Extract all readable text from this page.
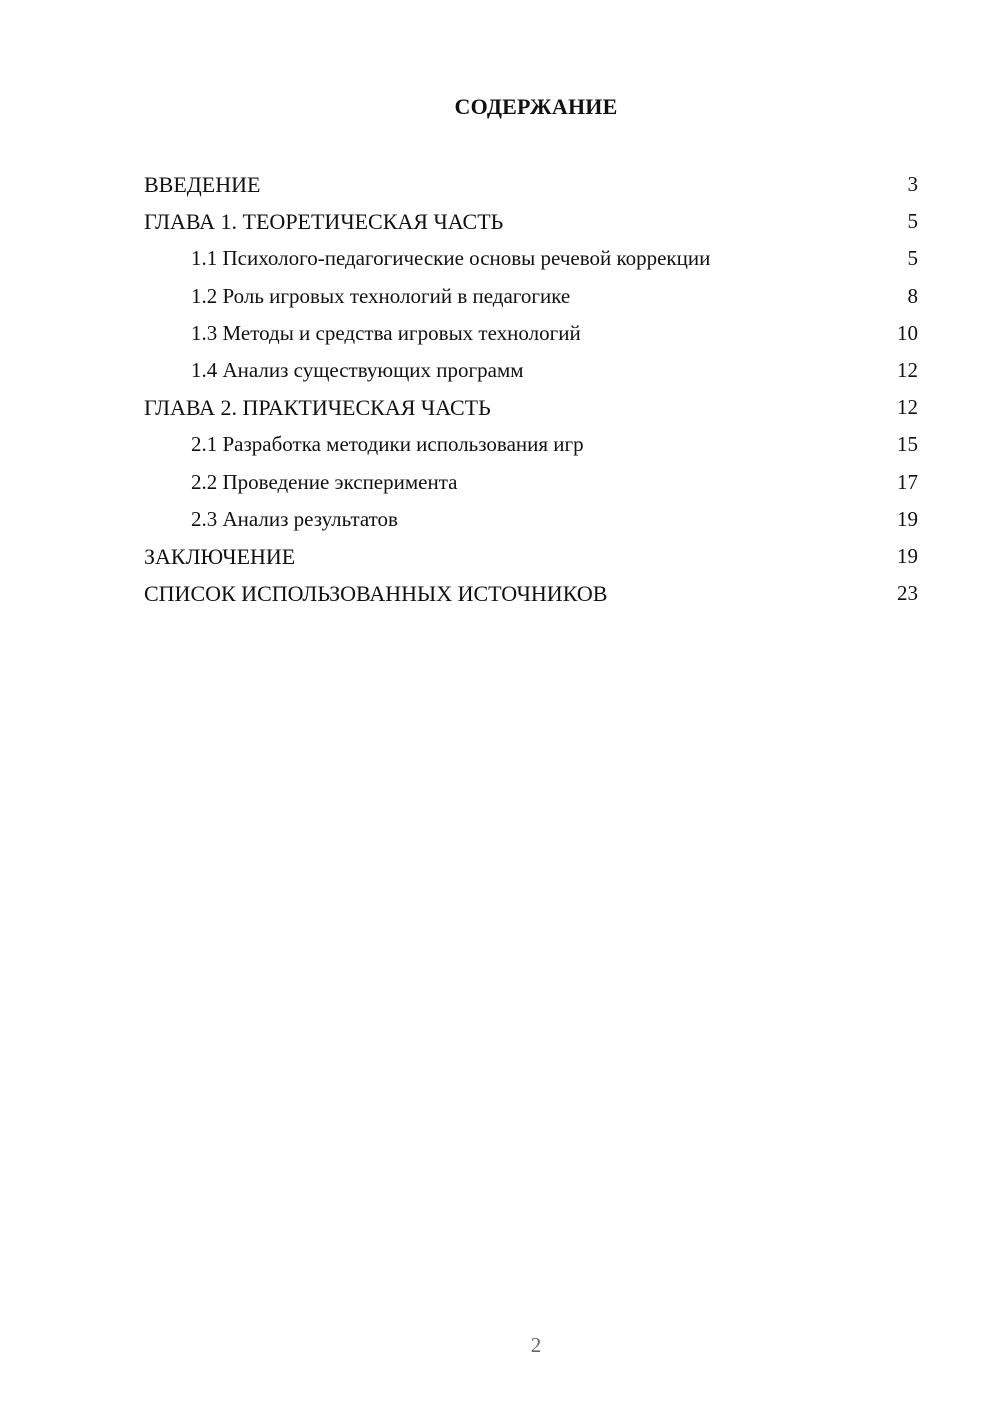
СОДЕРЖАНИЕ
ВВЕДЕНИЕ	3
ГЛАВА 1. ТЕОРЕТИЧЕСКАЯ ЧАСТЬ	5
1.1 Психолого-педагогические основы речевой коррекции	5
1.2 Роль игровых технологий в педагогике	8
1.3 Методы и средства игровых технологий	10
1.4 Анализ существующих программ	12
ГЛАВА 2. ПРАКТИЧЕСКАЯ ЧАСТЬ	12
2.1 Разработка методики использования игр	15
2.2 Проведение эксперимента	17
2.3 Анализ результатов	19
ЗАКЛЮЧЕНИЕ	19
СПИСОК ИСПОЛЬЗОВАННЫХ ИСТОЧНИКОВ	23
2
